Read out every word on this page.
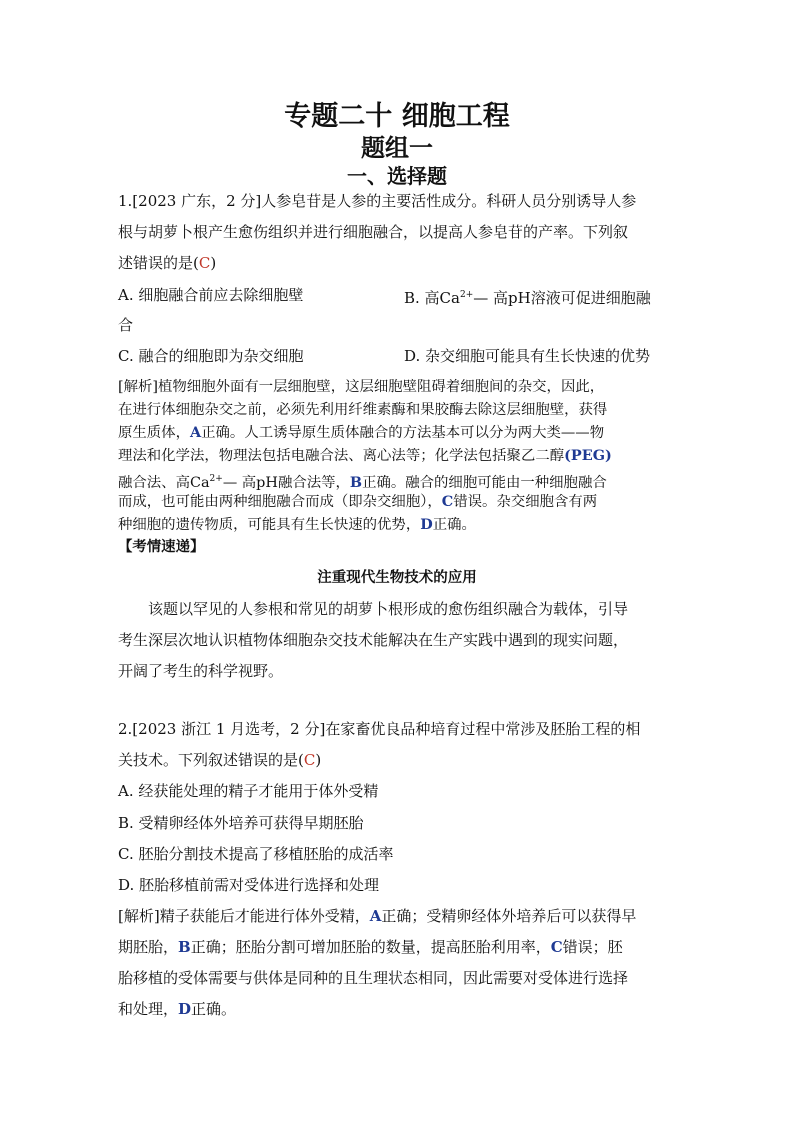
专题二十 细胞工程
题组一
一、选择题
1.[2023 广东，2 分]人参皂苷是人参的主要活性成分。科研人员分别诱导人参
根与胡萝卜根产生愈伤组织并进行细胞融合，以提高人参皂苷的产率。下列叙
述错误的是(C)
A. 细胞融合前应去除细胞壁	B. 高$Ca^{2+}—$ 高pH溶液可促进细胞融
合
C. 融合的细胞即为杂交细胞	D. 杂交细胞可能具有生长快速的优势
[解析]植物细胞外面有一层细胞壁，这层细胞壁阻碍着细胞间的杂交，因此，
在进行体细胞杂交之前，必须先利用纤维素酶和果胶酶去除这层细胞壁，获得
原生质体，A正确。人工诱导原生质体融合的方法基本可以分为两大类——物
理法和化学法，物理法包括电融合法、离心法等；化学法包括聚乙二醇(PEG)
融合法、高$Ca^{2+}—$ 高pH融合法等，B正确。融合的细胞可能由一种细胞融合
而成，也可能由两种细胞融合而成（即杂交细胞），C错误。杂交细胞含有两
种细胞的遗传物质，可能具有生长快速的优势，D正确。
【考情速递】
注重现代生物技术的应用
该题以罕见的人参根和常见的胡萝卜根形成的愈伤组织融合为载体，引导
考生深层次地认识植物体细胞杂交技术能解决在生产实践中遇到的现实问题，
开阔了考生的科学视野。
2.[2023 浙江 1 月选考，2 分]在家畜优良品种培育过程中常涉及胚胎工程的相
关技术。下列叙述错误的是(C)
A. 经获能处理的精子才能用于体外受精
B. 受精卵经体外培养可获得早期胚胎
C. 胚胎分割技术提高了移植胚胎的成活率
D. 胚胎移植前需对受体进行选择和处理
[解析]精子获能后才能进行体外受精，A正确；受精卵经体外培养后可以获得早
期胚胎，B正确；胚胎分割可增加胚胎的数量，提高胚胎利用率，C错误；胚
胎移植的受体需要与供体是同种的且生理状态相同，因此需要对受体进行选择
和处理，D正确。
